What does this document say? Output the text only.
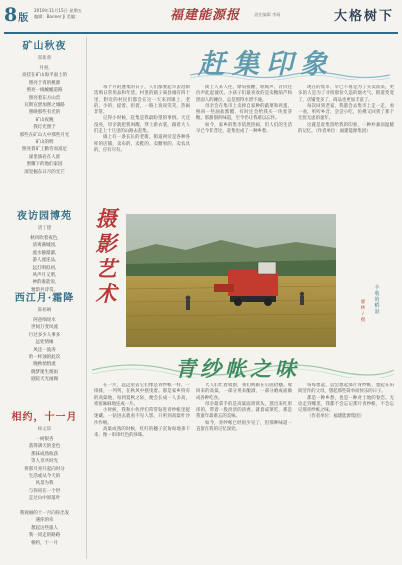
8版
2019年11月15日 星期五
编辑：Banner Ji 美编：	福建能源报	责任编辑 李炀	大格树下
矿山秋夜
郑新蕾
月亮,
高挂在矿山海平面上的
照亮于青的桃源
照亮一线蜿蜒道路
照亮着东方山峦
瓦斯宣泄加照之城路
照映那些有光的
矿山夜晚
我灯光照于
那些在矿山人中那些月光
矿山的明
照亮着矿工勤劳而富足
深里淌岩在人涯
照耀下的他们家园
深里掘东日月的光芒
夜访园博苑
唐丁德
秋风吹着夜色,
清爽满城园,
流水静潺潺,
游人流连品,
远灯明似初,
风声月又照,
神韵谁能说,
雅韵共诗赏。
西江月·霜降
陈杨娴
阿爸细说水
世间万变风流
行过多少人事多
远处情缘
风还一波涛
哈一杯浊的此次
晚秋悄悄流
晓梦迷生烟雨
庭院天光画阁
相约，十一月
杨丈琼
一树银杏
落得满天的金色
那抹成熟收获
等人享共时光
将那月亮升起向时分
生活或从今天的
风景为我
与你同在一个世
走过山中原落叶

我观丽的十一月向你出发
遇你的牵
想起这些旅人
我一同走的路路
相约，十一月
赶集印象

每个月的逢集的日子，人们都要起早去逛街选购日常用品和年货。村里的镇子离县城有四十里，附近的村民们都会在这一天来到镇上，老的、少的、提着、担着，一路上说说笑笑，热闹非常。

记得小时候，赶集是我最盼望的事情。天还没亮，母亲就把我叫醒，穿上新衣裳，跟着大人们走上十几里的山路去赶集。

镇上有一条长长的老街，街道两旁是各种各样的店铺，卖布的、卖鞋的、卖糖果的、卖农具的，应有尽有。

街上人来人往，摩肩接踵，吆喝声、讨价还价声此起彼伏。小孩子们最喜欢的是卖糖葫芦和捏面人的摊位，总是围得水泄不通。

母亲会在集市上卖掉自家种的蔬菜和鸡蛋，换回一些油盐酱醋，有时还会给我买一块麦芽糖。那甜甜的味道，至今仍让我难以忘怀。

如今，家乡的集市依然热闹，但人们的生活早已今非昔比，赶集也成了一种乡愁。

现在的集市，早已不再是为了买卖而来，更多的人是为了寻找那份久违的烟火气。街道变宽了，店铺变多了，商品也更加丰富了。

每次回到老家，我都会去集市上走一走，看一看，听听乡音，尝尝小吃，仿佛又回到了那个无忧无虑的童年。

这就是赶集留给我的印象，一种朴素而温暖的记忆。（作者单位：福建能源集团）

摄
影
艺
术	丰
收
的
稻
浪
廖
林
/
摄
青纱帐之味

在一片，远远望去它们像是青纱帐一样，一排排，一列列，在秋风中摇曳着。那是家乡特有的高粱地，每到夏秋之际，便会长成一人多高，密密麻麻地连成一片。

小时候，我和小伙伴们常常钻进青纱帐里捉迷藏，一钻进去就看不见人影，只听到高粱叶沙沙作响。

高粱成熟的时候，红红的穗子沉甸甸地垂下来，像一串串红色的珍珠。

大人们忙着收割，我们则跟在后面拾穗。收回来的高粱，一部分用来酿酒，一部分磨成面做成各种吃食。

母亲最拿手的是高粱面窝窝头，蒸出来红彤彤的，带着一股淡淡的清香。就着咸菜吃，那是我童年最难忘的美味。

如今，青纱帐已经很少见了，但那种味道一直留在我的记忆深处。

每每想起，总会想起那片青纱帐，想起在田间劳作的父母，想起那些简单而快乐的日子。

那是一种乡愁，也是一种对土地的眷恋。无论走到哪里，我都不会忘记那片青纱帐，不会忘记那青纱帐之味。

（作者单位：福建能源集团）
